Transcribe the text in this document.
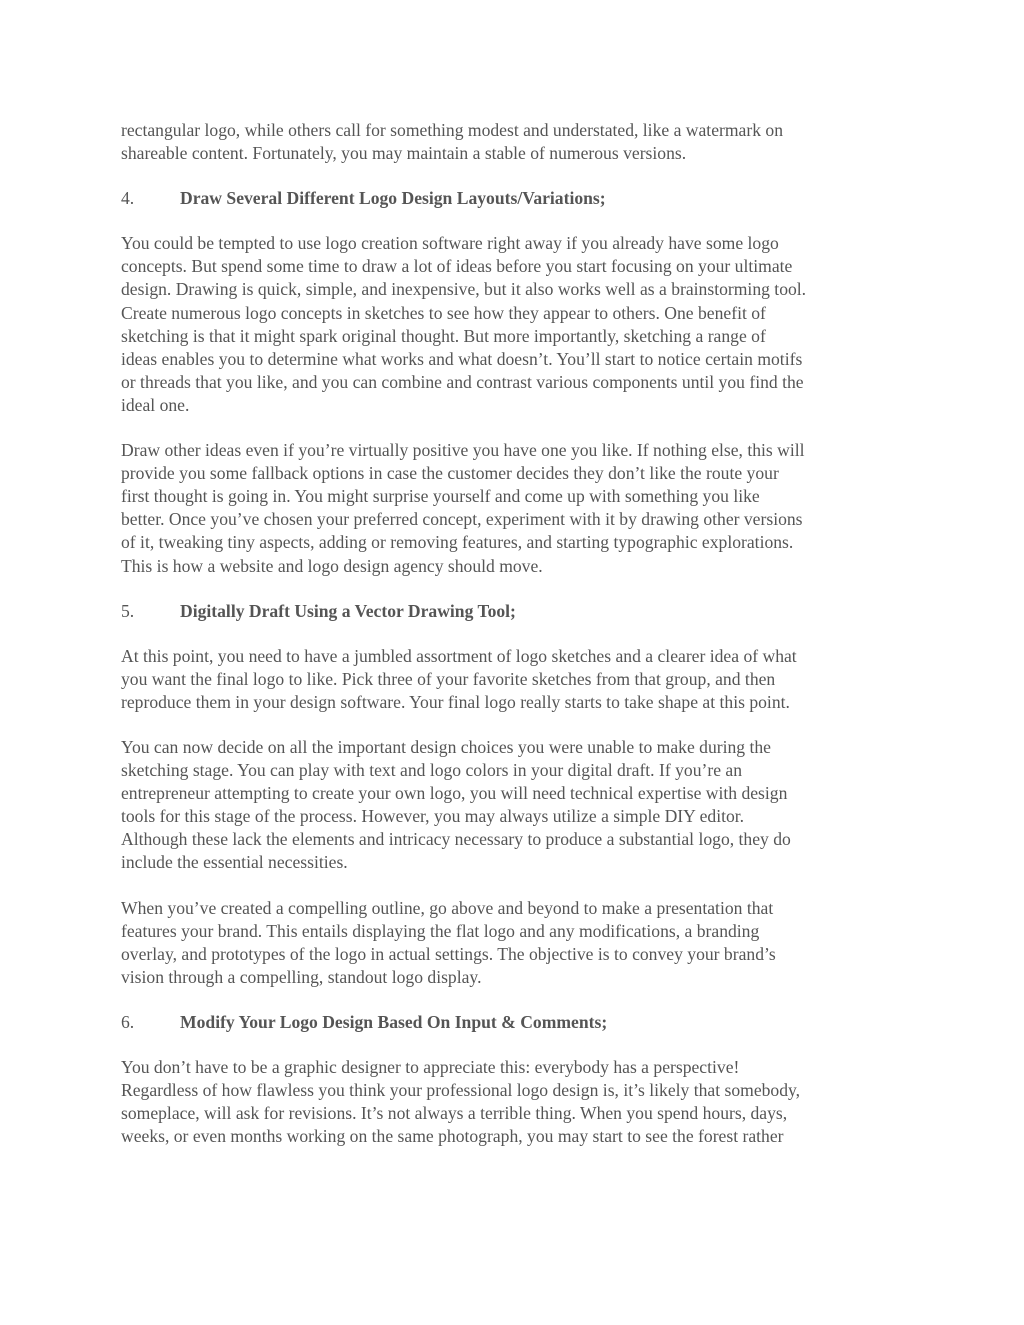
rectangular logo, while others call for something modest and understated, like a watermark on
shareable content. Fortunately, you may maintain a stable of numerous versions.
4.	Draw Several Different Logo Design Layouts/Variations;
You could be tempted to use logo creation software right away if you already have some logo
concepts. But spend some time to draw a lot of ideas before you start focusing on your ultimate
design. Drawing is quick, simple, and inexpensive, but it also works well as a brainstorming tool.
Create numerous logo concepts in sketches to see how they appear to others. One benefit of
sketching is that it might spark original thought. But more importantly, sketching a range of
ideas enables you to determine what works and what doesn’t. You’ll start to notice certain motifs
or threads that you like, and you can combine and contrast various components until you find the
ideal one.
Draw other ideas even if you’re virtually positive you have one you like. If nothing else, this will
provide you some fallback options in case the customer decides they don’t like the route your
first thought is going in. You might surprise yourself and come up with something you like
better. Once you’ve chosen your preferred concept, experiment with it by drawing other versions
of it, tweaking tiny aspects, adding or removing features, and starting typographic explorations.
This is how a website and logo design agency should move.
5.	Digitally Draft Using a Vector Drawing Tool;
At this point, you need to have a jumbled assortment of logo sketches and a clearer idea of what
you want the final logo to like. Pick three of your favorite sketches from that group, and then
reproduce them in your design software. Your final logo really starts to take shape at this point.
You can now decide on all the important design choices you were unable to make during the
sketching stage. You can play with text and logo colors in your digital draft. If you’re an
entrepreneur attempting to create your own logo, you will need technical expertise with design
tools for this stage of the process. However, you may always utilize a simple DIY editor.
Although these lack the elements and intricacy necessary to produce a substantial logo, they do
include the essential necessities.
When you’ve created a compelling outline, go above and beyond to make a presentation that
features your brand. This entails displaying the flat logo and any modifications, a branding
overlay, and prototypes of the logo in actual settings. The objective is to convey your brand’s
vision through a compelling, standout logo display.
6.	Modify Your Logo Design Based On Input & Comments;
You don’t have to be a graphic designer to appreciate this: everybody has a perspective!
Regardless of how flawless you think your professional logo design is, it’s likely that somebody,
someplace, will ask for revisions. It’s not always a terrible thing. When you spend hours, days,
weeks, or even months working on the same photograph, you may start to see the forest rather
